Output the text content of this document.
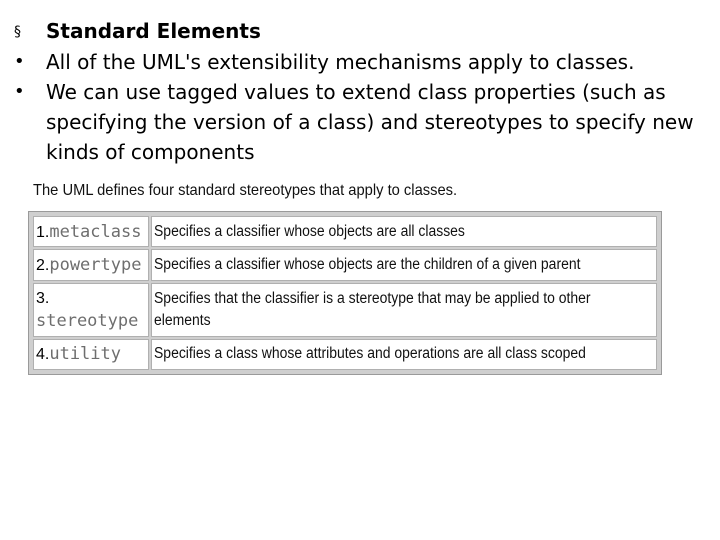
§	Standard Elements
•	All of the UML's extensibility mechanisms apply to classes.
•	We can use tagged values to extend class properties (such as specifying the version of a class) and stereotypes to specify new kinds of components
The UML defines four standard stereotypes that apply to classes.
1.metaclass	Specifies a classifier whose objects are all classes
2.powertype	Specifies a classifier whose objects are the children of a given parent

3.
stereotype	Specifies that the classifier is a stereotype that may be applied to other elements

4.utility	Specifies a class whose attributes and operations are all class scoped
